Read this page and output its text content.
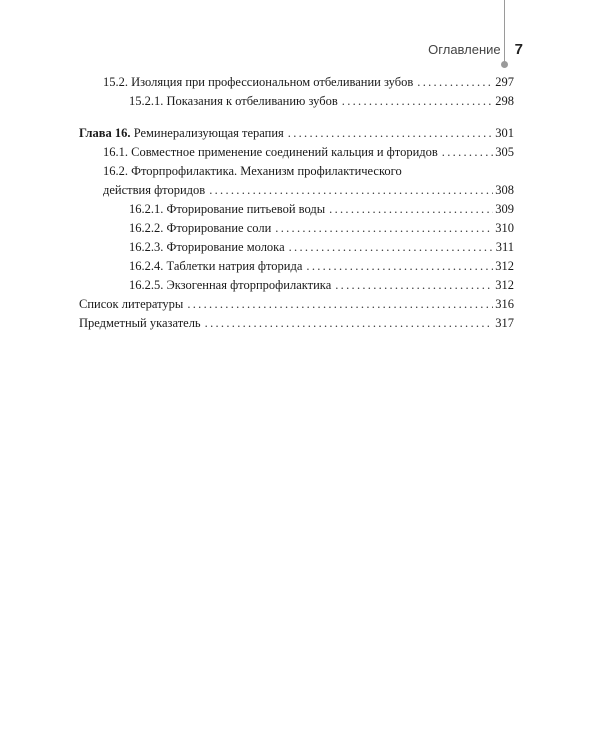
Оглавление 7
15.2. Изоляция при профессиональном отбеливании зубов .....	297
15.2.1. Показания к отбеливанию зубов .....	298
Глава 16. Реминерализующая терапия .....	301
16.1. Совместное применение соединений кальция и фторидов .....	305
16.2. Фторпрофилактика. Механизм профилактического
действия фторидов .....	308
16.2.1. Фторирование питьевой воды .....	309
16.2.2. Фторирование соли .....	310
16.2.3. Фторирование молока .....	311
16.2.4. Таблетки натрия фторида .....	312
16.2.5. Экзогенная фторпрофилактика .....	312
Список литературы .....	316
Предметный указатель .....	317
